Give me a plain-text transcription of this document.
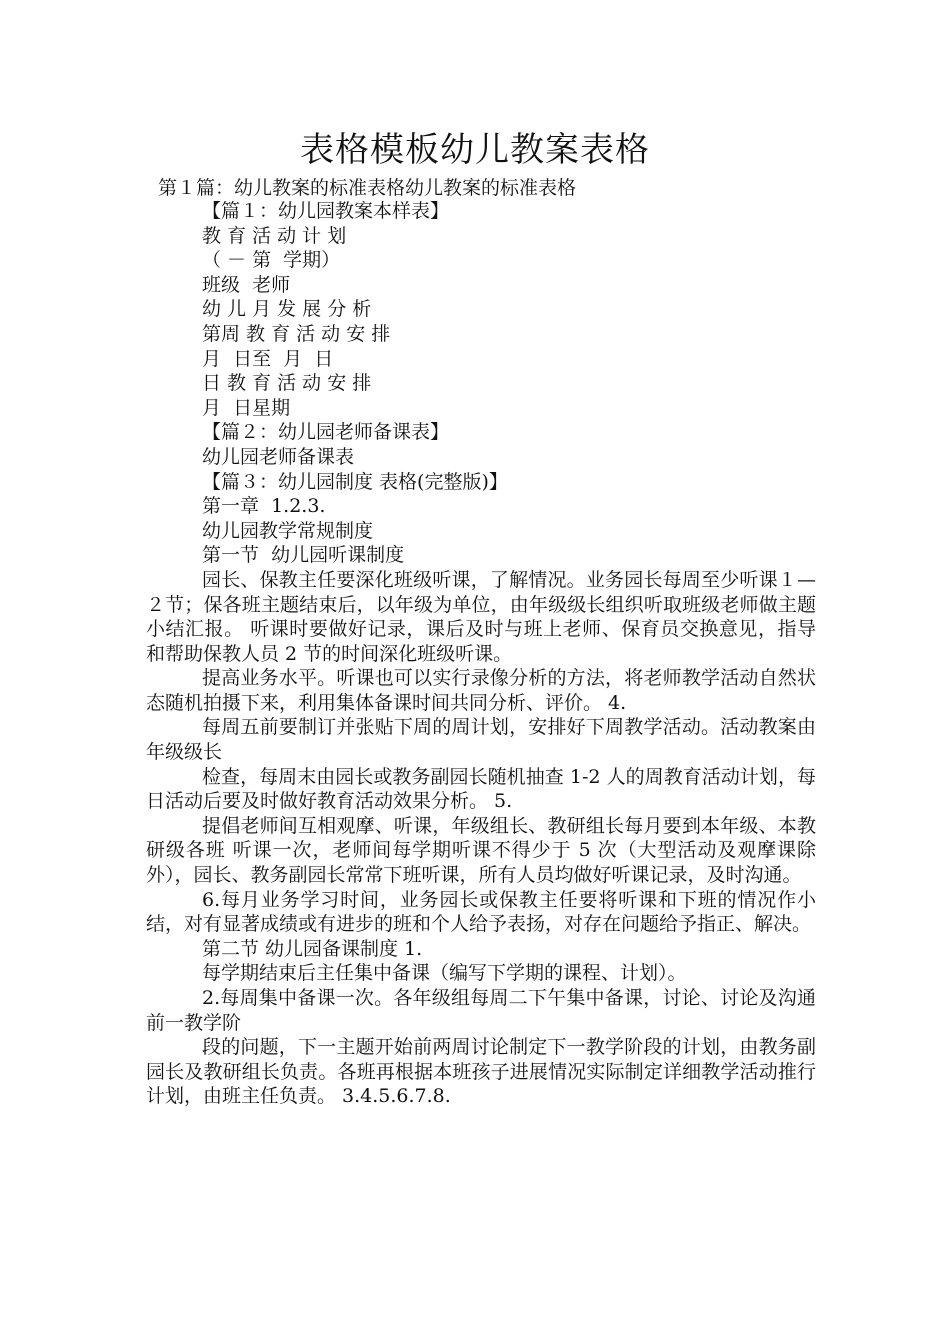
表格模板幼儿教案表格
第１篇：幼儿教案的标准表格幼儿教案的标准表格

【篇１：幼儿园教案本样表】

教 育 活 动 计 划

（ － 第  学期）

班级  老师

幼 儿 月 发 展 分 析

第周 教 育 活 动 安 排

月  日至  月  日

日 教 育 活 动 安 排

月  日星期

【篇２：幼儿园老师备课表】

幼儿园老师备课表

【篇３：幼儿园制度 表格(完整版)】

第一章  1.2.3.

幼儿园教学常规制度

第一节  幼儿园听课制度

园长、保教主任要深化班级听课，了解情况。业务园长每周至少听课１—２节；保各班主题结束后，以年级为单位，由年级级长组织听取班级老师做主题小结汇报。 听课时要做好记录，课后及时与班上老师、保育员交换意见，指导和帮助保教人员 2 节的时间深化班级听课。

提高业务水平。听课也可以实行录像分析的方法，将老师教学活动自然状态随机拍摄下来，利用集体备课时间共同分析、评价。 4.

每周五前要制订并张贴下周的周计划，安排好下周教学活动。活动教案由年级级长

检查，每周末由园长或教务副园长随机抽查 1-2 人的周教育活动计划，每日活动后要及时做好教育活动效果分析。 5.

提倡老师间互相观摩、听课，年级组长、教研组长每月要到本年级、本教研级各班 听课一次，老师间每学期听课不得少于 5 次（大型活动及观摩课除外），园长、教务副园长常常下班听课，所有人员均做好听课记录，及时沟通。

6.每月业务学习时间，业务园长或保教主任要将听课和下班的情况作小结，对有显著成绩或有进步的班和个人给予表扬，对存在问题给予指正、解决。

第二节 幼儿园备课制度 1.

每学期结束后主任集中备课（编写下学期的课程、计划）。

2.每周集中备课一次。各年级组每周二下午集中备课，讨论、讨论及沟通前一教学阶

段的问题，下一主题开始前两周讨论制定下一教学阶段的计划，由教务副园长及教研组长负责。各班再根据本班孩子进展情况实际制定详细教学活动推行计划，由班主任负责。 3.4.5.6.7.8.
